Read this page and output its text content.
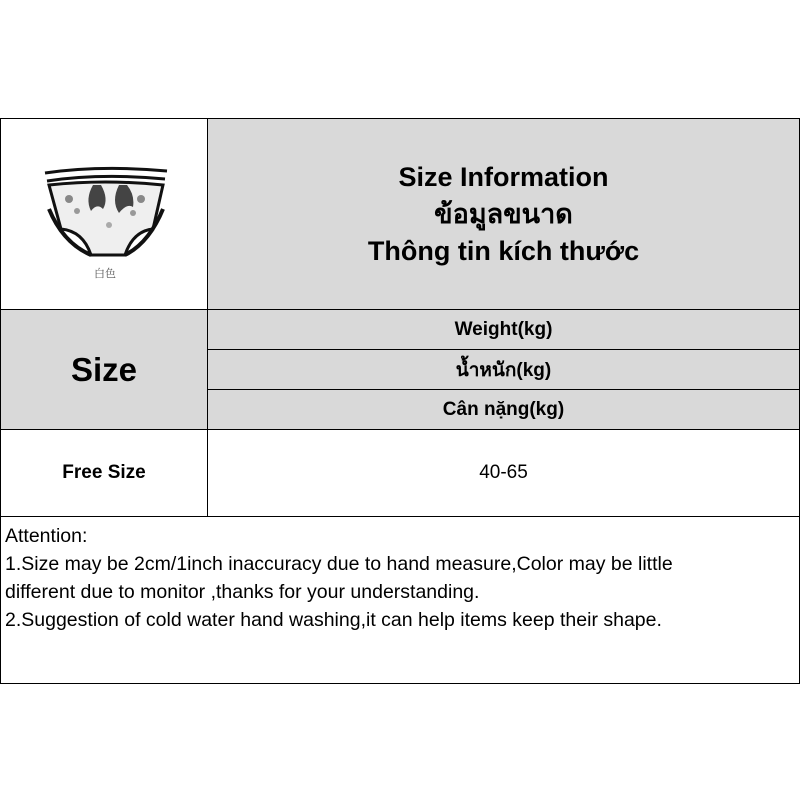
白色
Size Information
ข้อมูลขนาด
Thông tin kích thước
Size
Weight(kg)
น้ำหนัก(kg)
Cân nặng(kg)
Free Size	40-65

Attention:

1.Size may be 2cm/1inch inaccuracy due to hand measure,Color may be little

different due to monitor ,thanks for your understanding.

2.Suggestion of cold water hand washing,it can help items keep their shape.
